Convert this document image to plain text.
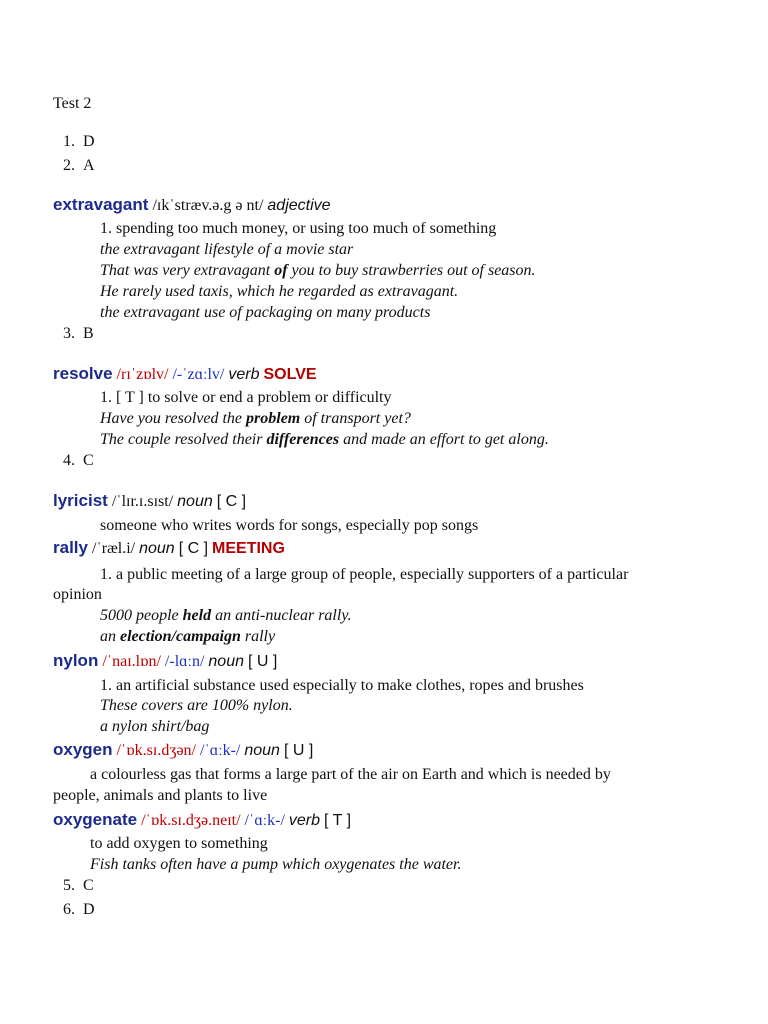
Test 2
1. D
2. A
extravagant /ɪkˈstræv.ə.g ə nt/ adjective
1. spending too much money, or using too much of something
the extravagant lifestyle of a movie star
That was very extravagant of you to buy strawberries out of season.
He rarely used taxis, which he regarded as extravagant.
the extravagant use of packaging on many products
3. B
resolve /rɪˈzɒlv/ /-ˈzɑːlv/ verb SOLVE
1. [ T ] to solve or end a problem or difficulty
Have you resolved the problem of transport yet?
The couple resolved their differences and made an effort to get along.
4. C
lyricist /ˈlɪr.ɪ.sɪst/ noun [ C ]
someone who writes words for songs, especially pop songs
rally /ˈræl.i/ noun [ C ] MEETING
1. a public meeting of a large group of people, especially supporters of a particular
opinion
5000 people held an anti-nuclear rally.
an election/campaign rally
nylon /ˈnaɪ.lɒn/ /-lɑːn/ noun [ U ]
1. an artificial substance used especially to make clothes, ropes and brushes
These covers are 100% nylon.
a nylon shirt/bag
oxygen /ˈɒk.sɪ.dʒən/ /ˈɑːk-/ noun [ U ]
a colourless gas that forms a large part of the air on Earth and which is needed by
people, animals and plants to live
oxygenate /ˈɒk.sɪ.dʒə.neɪt/ /ˈɑːk-/ verb [ T ]
to add oxygen to something
Fish tanks often have a pump which oxygenates the water.
5. C
6. D
